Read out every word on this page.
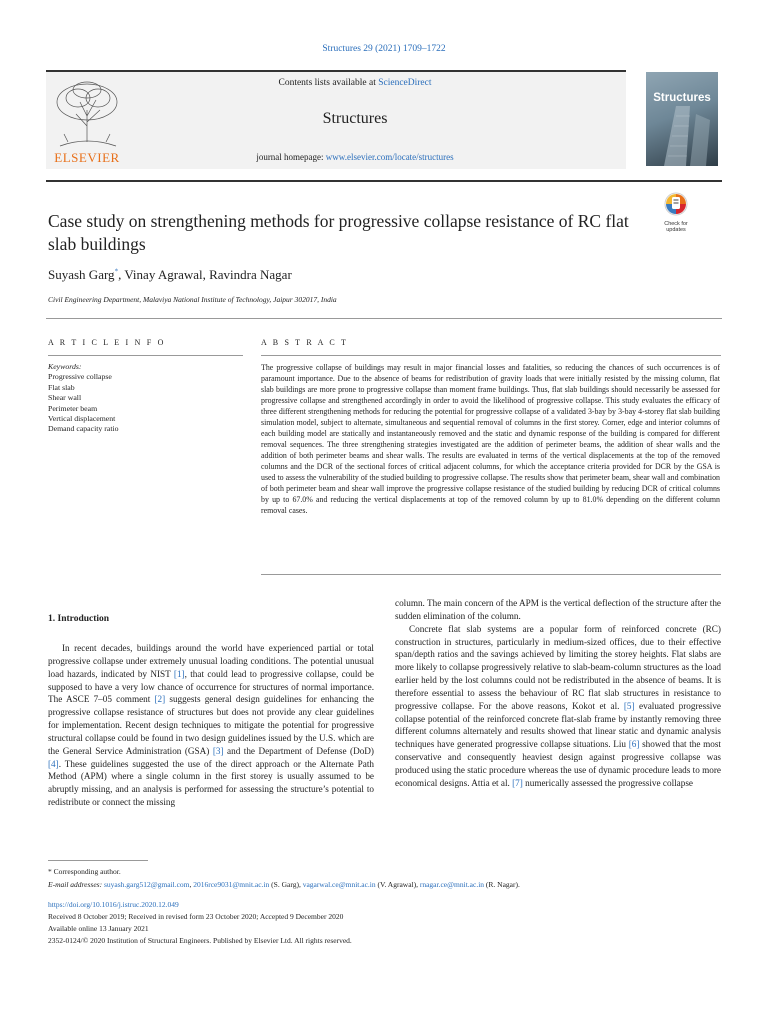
Structures 29 (2021) 1709–1722
ELSEVIER
Contents lists available at ScienceDirect
Structures
journal homepage: www.elsevier.com/locate/structures
Structures
Case study on strengthening methods for progressive collapse resistance of RC flat slab buildings
Check for updates
Suyash Garg*, Vinay Agrawal, Ravindra Nagar
Civil Engineering Department, Malaviya National Institute of Technology, Jaipur 302017, India
A R T I C L E I N F O	A B S T R A C T
Keywords:
Progressive collapse
Flat slab
Shear wall
Perimeter beam
Vertical displacement
Demand capacity ratio
The progressive collapse of buildings may result in major financial losses and fatalities, so reducing the chances of such occurrences is of paramount importance. Due to the absence of beams for redistribution of gravity loads that were initially resisted by the missing column, flat slab buildings are more prone to progressive collapse than moment frame buildings. Thus, flat slab buildings should necessarily be assessed for progressive collapse and strengthened accordingly in order to avoid the likelihood of progressive collapse. This study evaluates the efficacy of three different strengthening methods for reducing the potential for progressive collapse of a validated 3-bay by 3-bay 4-storey flat slab building simulation model, subject to alternate, simultaneous and sequential removal of columns in the first storey. Corner, edge and interior columns of each building model are statically and instantaneously removed and the static and dynamic response of the building is compared for different removal sequences. The three strengthening strategies investigated are the addition of perimeter beams, the addition of shear walls and the addition of both perimeter beams and shear walls. The results are evaluated in terms of the vertical displacements at the top of the removed columns and the DCR of the sectional forces of critical adjacent columns, for which the acceptance criteria provided for DCR by the GSA is used to assess the vulnerability of the studied building to progressive collapse. The results show that perimeter beam, shear wall and combination of both perimeter beam and shear wall improve the progressive collapse resistance of the studied building by reducing DCR of critical columns by up to 67.0% and reducing the vertical displacements at top of the removed column by up to 81.0% depending on the different column removal cases.
1. Introduction

In recent decades, buildings around the world have experienced partial or total progressive collapse under extremely unusual loading conditions. The potential unusual load hazards, indicated by NIST [1], that could lead to progressive collapse, could be supposed to have a very low chance of occurrence for structures of normal importance. The ASCE 7–05 comment [2] suggests general design guidelines for enhancing the progressive collapse resistance of structures but does not provide any clear guidelines for implementation. Recent design techniques to mitigate the potential for progressive structural collapse could be found in two design guidelines issued by the U.S. which are the General Service Administration (GSA) [3] and the Department of Defense (DoD) [4]. These guidelines suggested the use of the direct approach or the Alternate Path Method (APM) where a single column in the first storey is usually assumed to be abruptly missing, and an analysis is performed for assessing the structure’s potential to redistribute or connect the missing

column. The main concern of the APM is the vertical deflection of the structure after the sudden elimination of the column.

Concrete flat slab systems are a popular form of reinforced concrete (RC) construction in structures, particularly in medium-sized offices, due to their effective span/depth ratios and the savings achieved by limiting the storey heights. Flat slabs are more likely to collapse progressively relative to slab-beam-column structures as the load earlier held by the lost columns could not be redistributed in the absence of beams. It is therefore essential to assess the behaviour of RC flat slab structures in resistance to progressive collapse. For the above reasons, Kokot et al. [5] evaluated progressive collapse potential of the reinforced concrete flat-slab frame by instantly removing three different columns alternately and results showed that linear static and dynamic analysis techniques have generated progressive collapse situations. Liu [6] showed that the most conservative and consequently heaviest design against progressive collapse was produced using the static procedure whereas the use of dynamic procedure leads to more economical designs. Attia et al. [7] numerically assessed the progressive collapse

* Corresponding author.
E-mail addresses: suyash.garg512@gmail.com, 2016rce9031@mnit.ac.in (S. Garg), vagarwal.ce@mnit.ac.in (V. Agrawal), rnagar.ce@mnit.ac.in (R. Nagar).
https://doi.org/10.1016/j.istruc.2020.12.049
Received 8 October 2019; Received in revised form 23 October 2020; Accepted 9 December 2020
Available online 13 January 2021
2352-0124/© 2020 Institution of Structural Engineers. Published by Elsevier Ltd. All rights reserved.
